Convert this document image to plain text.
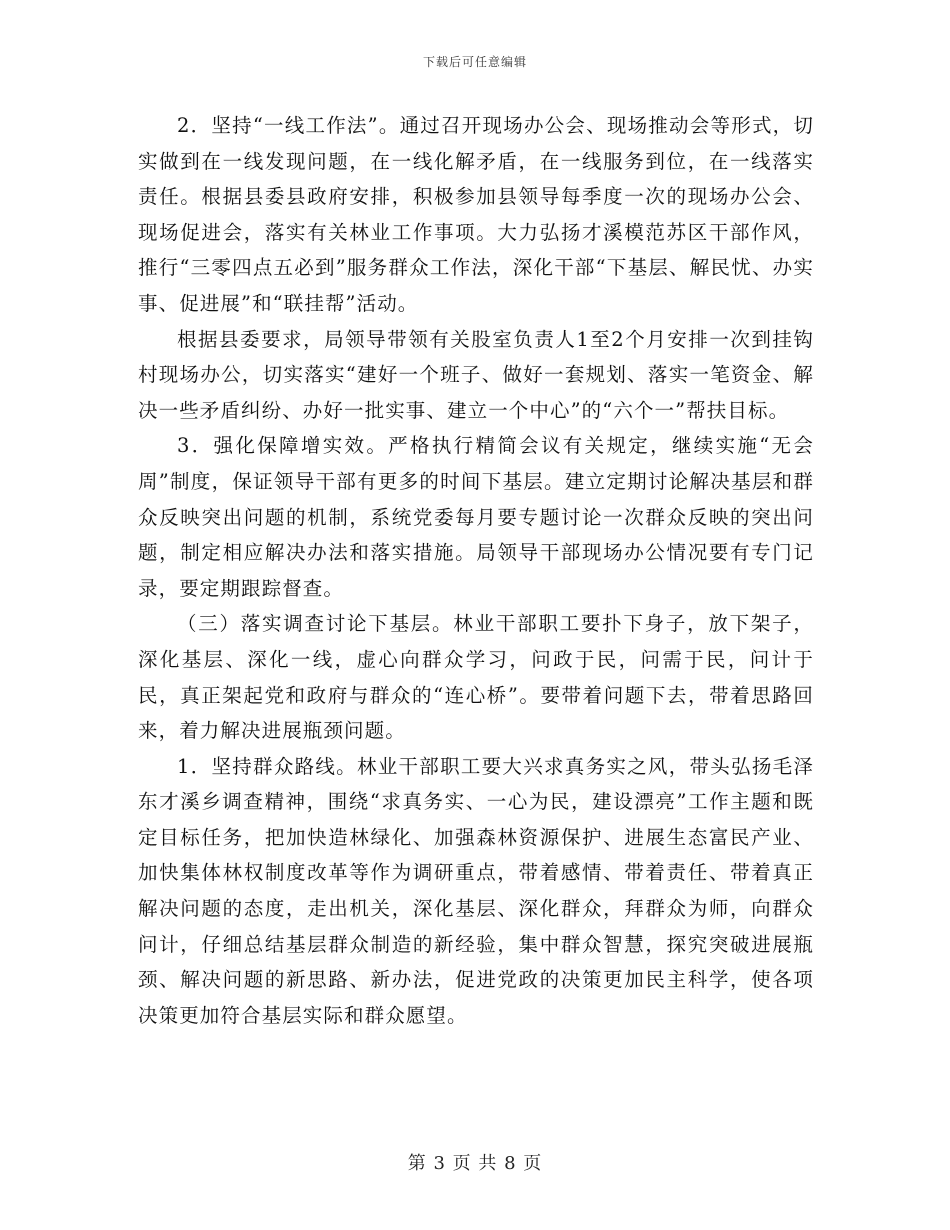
下载后可任意编辑

2．坚持“一线工作法”。通过召开现场办公会、现场推动会等形式，切实做到在一线发现问题，在一线化解矛盾，在一线服务到位，在一线落实责任。根据县委县政府安排，积极参加县领导每季度一次的现场办公会、现场促进会，落实有关林业工作事项。大力弘扬才溪模范苏区干部作风，推行“三零四点五必到”服务群众工作法，深化干部“下基层、解民忧、办实事、促进展”和“联挂帮”活动。

根据县委要求，局领导带领有关股室负责人1至2个月安排一次到挂钩村现场办公，切实落实“建好一个班子、做好一套规划、落实一笔资金、解决一些矛盾纠纷、办好一批实事、建立一个中心”的“六个一”帮扶目标。

3．强化保障增实效。严格执行精简会议有关规定，继续实施“无会周”制度，保证领导干部有更多的时间下基层。建立定期讨论解决基层和群众反映突出问题的机制，系统党委每月要专题讨论一次群众反映的突出问题，制定相应解决办法和落实措施。局领导干部现场办公情况要有专门记录，要定期跟踪督查。

（三）落实调查讨论下基层。林业干部职工要扑下身子，放下架子，深化基层、深化一线，虚心向群众学习，问政于民，问需于民，问计于民，真正架起党和政府与群众的“连心桥”。要带着问题下去，带着思路回来，着力解决进展瓶颈问题。

1．坚持群众路线。林业干部职工要大兴求真务实之风，带头弘扬毛泽东才溪乡调查精神，围绕“求真务实、一心为民，建设漂亮”工作主题和既定目标任务，把加快造林绿化、加强森林资源保护、进展生态富民产业、加快集体林权制度改革等作为调研重点，带着感情、带着责任、带着真正解决问题的态度，走出机关，深化基层、深化群众，拜群众为师，向群众问计，仔细总结基层群众制造的新经验，集中群众智慧，探究突破进展瓶颈、解决问题的新思路、新办法，促进党政的决策更加民主科学，使各项决策更加符合基层实际和群众愿望。

第 3 页 共 8 页
